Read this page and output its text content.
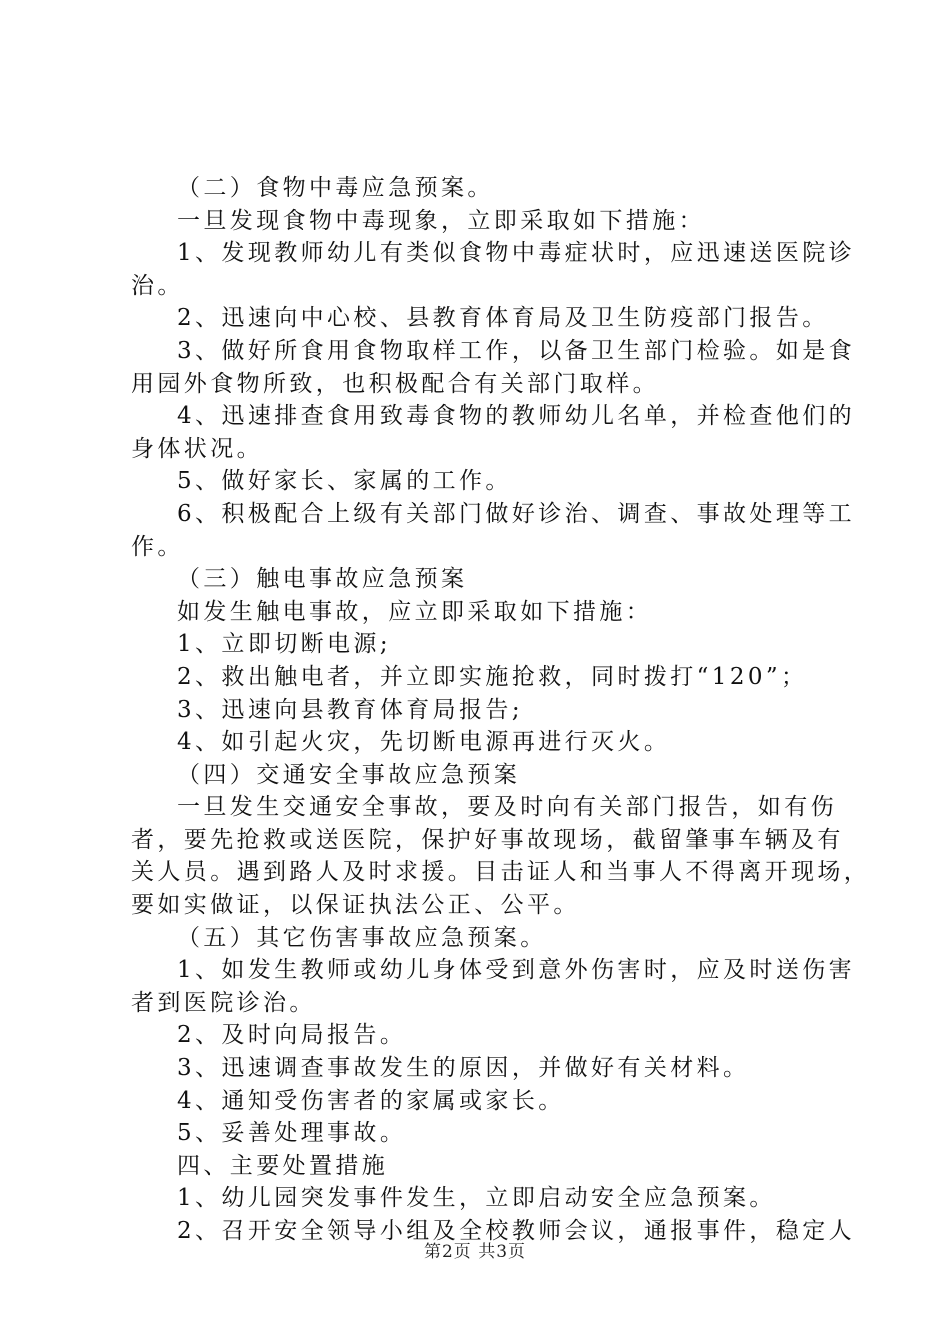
（二）食物中毒应急预案。
一旦发现食物中毒现象，立即采取如下措施：
1、发现教师幼儿有类似食物中毒症状时，应迅速送医院诊
治。
2、迅速向中心校、县教育体育局及卫生防疫部门报告。
3、做好所食用食物取样工作，以备卫生部门检验。如是食
用园外食物所致，也积极配合有关部门取样。
4、迅速排查食用致毒食物的教师幼儿名单，并检查他们的
身体状况。
5、做好家长、家属的工作。
6、积极配合上级有关部门做好诊治、调查、事故处理等工
作。
（三）触电事故应急预案
如发生触电事故，应立即采取如下措施：
1、立即切断电源;
2、救出触电者，并立即实施抢救，同时拨打“120”；
3、迅速向县教育体育局报告;
4、如引起火灾，先切断电源再进行灭火。
（四）交通安全事故应急预案
一旦发生交通安全事故，要及时向有关部门报告，如有伤
者，要先抢救或送医院，保护好事故现场，截留肇事车辆及有
关人员。遇到路人及时求援。目击证人和当事人不得离开现场，
要如实做证，以保证执法公正、公平。
（五）其它伤害事故应急预案。
1、如发生教师或幼儿身体受到意外伤害时，应及时送伤害
者到医院诊治。
2、及时向局报告。
3、迅速调查事故发生的原因，并做好有关材料。
4、通知受伤害者的家属或家长。
5、妥善处理事故。
四、主要处置措施
1、幼儿园突发事件发生，立即启动安全应急预案。
2、召开安全领导小组及全校教师会议，通报事件，稳定人
第2页 共3页
